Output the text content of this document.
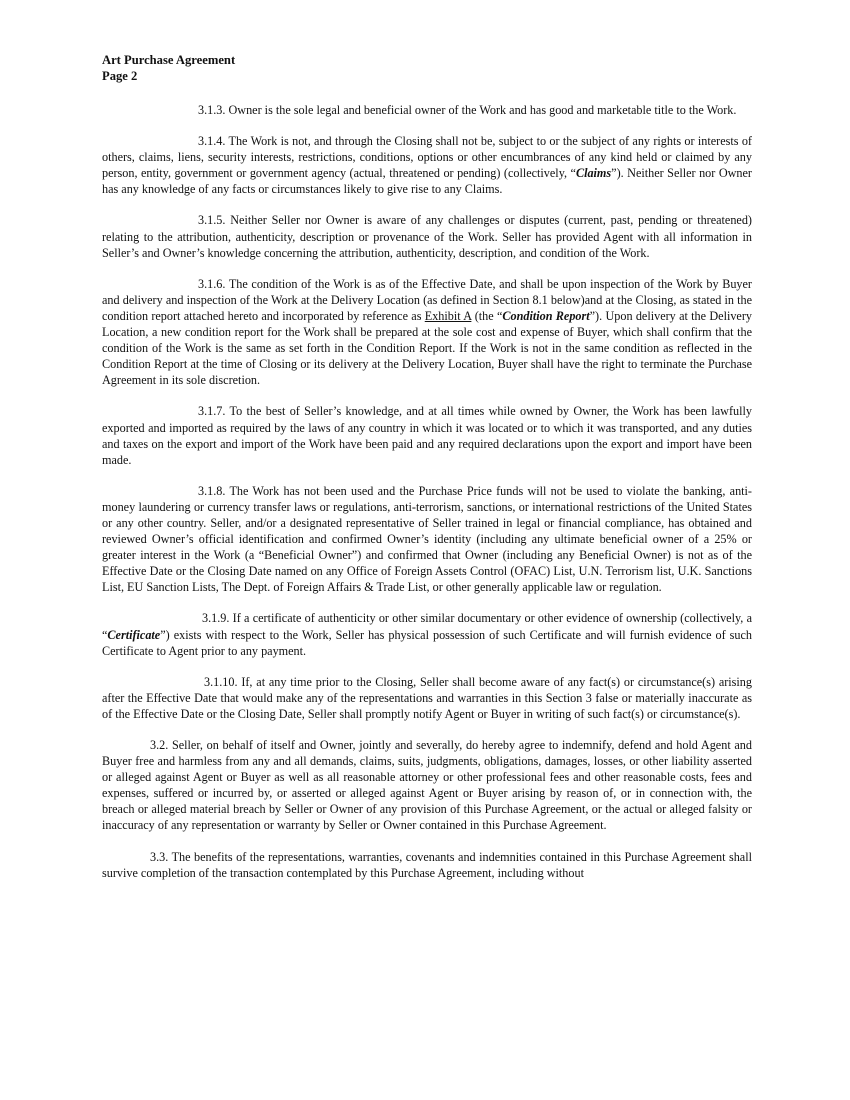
Art Purchase Agreement
Page 2

3.1.3. Owner is the sole legal and beneficial owner of the Work and has good and marketable title to the Work.

3.1.4. The Work is not, and through the Closing shall not be, subject to or the subject of any rights or interests of others, claims, liens, security interests, restrictions, conditions, options or other encumbrances of any kind held or claimed by any person, entity, government or government agency (actual, threatened or pending) (collectively, “Claims”). Neither Seller nor Owner has any knowledge of any facts or circumstances likely to give rise to any Claims.

3.1.5. Neither Seller nor Owner is aware of any challenges or disputes (current, past, pending or threatened) relating to the attribution, authenticity, description or provenance of the Work. Seller has provided Agent with all information in Seller’s and Owner’s knowledge concerning the attribution, authenticity, description, and condition of the Work.

3.1.6. The condition of the Work is as of the Effective Date, and shall be upon inspection of the Work by Buyer and delivery and inspection of the Work at the Delivery Location (as defined in Section 8.1 below)and at the Closing, as stated in the condition report attached hereto and incorporated by reference as Exhibit A (the “Condition Report”). Upon delivery at the Delivery Location, a new condition report for the Work shall be prepared at the sole cost and expense of Buyer, which shall confirm that the condition of the Work is the same as set forth in the Condition Report. If the Work is not in the same condition as reflected in the Condition Report at the time of Closing or its delivery at the Delivery Location, Buyer shall have the right to terminate the Purchase Agreement in its sole discretion.

3.1.7. To the best of Seller’s knowledge, and at all times while owned by Owner, the Work has been lawfully exported and imported as required by the laws of any country in which it was located or to which it was transported, and any duties and taxes on the export and import of the Work have been paid and any required declarations upon the export and import have been made.

3.1.8. The Work has not been used and the Purchase Price funds will not be used to violate the banking, anti-money laundering or currency transfer laws or regulations, anti-terrorism, sanctions, or international restrictions of the United States or any other country. Seller, and/or a designated representative of Seller trained in legal or financial compliance, has obtained and reviewed Owner’s official identification and confirmed Owner’s identity (including any ultimate beneficial owner of a 25% or greater interest in the Work (a “Beneficial Owner”) and confirmed that Owner (including any Beneficial Owner) is not as of the Effective Date or the Closing Date named on any Office of Foreign Assets Control (OFAC) List, U.N. Terrorism list, U.K. Sanctions List, EU Sanction Lists, The Dept. of Foreign Affairs & Trade List, or other generally applicable law or regulation.

3.1.9. If a certificate of authenticity or other similar documentary or other evidence of ownership (collectively, a “Certificate”) exists with respect to the Work, Seller has physical possession of such Certificate and will furnish evidence of such Certificate to Agent prior to any payment.

3.1.10. If, at any time prior to the Closing, Seller shall become aware of any fact(s) or circumstance(s) arising after the Effective Date that would make any of the representations and warranties in this Section 3 false or materially inaccurate as of the Effective Date or the Closing Date, Seller shall promptly notify Agent or Buyer in writing of such fact(s) or circumstance(s).

3.2. Seller, on behalf of itself and Owner, jointly and severally, do hereby agree to indemnify, defend and hold Agent and Buyer free and harmless from any and all demands, claims, suits, judgments, obligations, damages, losses, or other liability asserted or alleged against Agent or Buyer as well as all reasonable attorney or other professional fees and other reasonable costs, fees and expenses, suffered or incurred by, or asserted or alleged against Agent or Buyer arising by reason of, or in connection with, the breach or alleged material breach by Seller or Owner of any provision of this Purchase Agreement, or the actual or alleged falsity or inaccuracy of any representation or warranty by Seller or Owner contained in this Purchase Agreement.

3.3. The benefits of the representations, warranties, covenants and indemnities contained in this Purchase Agreement shall survive completion of the transaction contemplated by this Purchase Agreement, including without
